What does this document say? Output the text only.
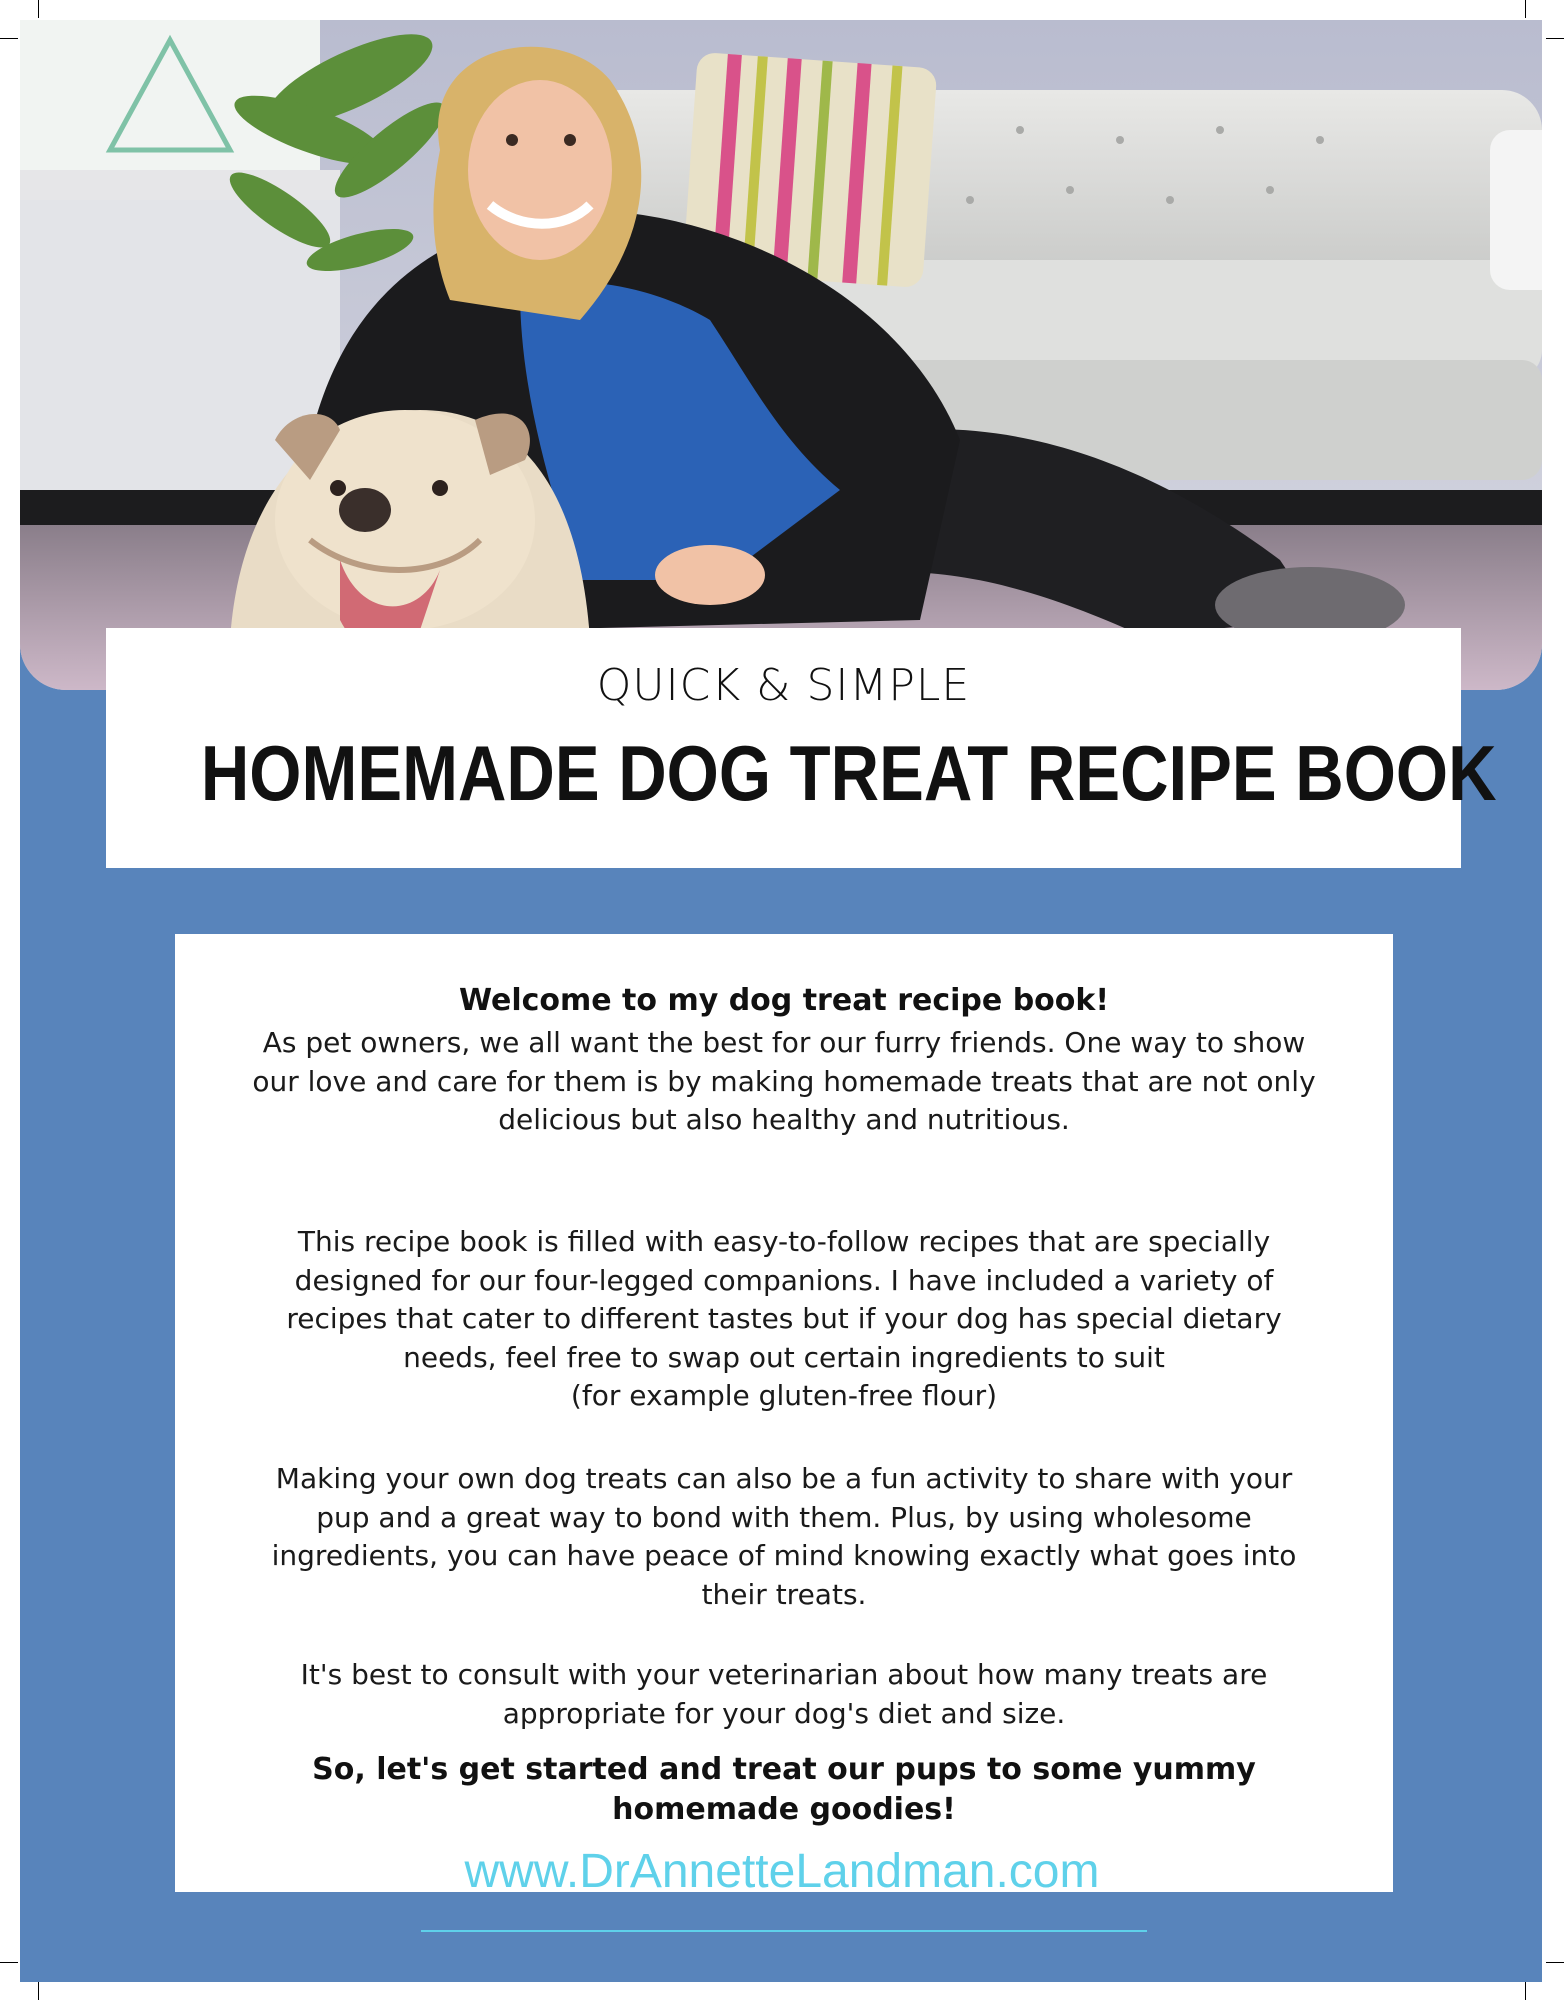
QUICK & SIMPLE
HOMEMADE DOG TREAT RECIPE BOOK
Welcome to my dog treat recipe book!
As pet owners, we all want the best for our furry friends. One way to show
our love and care for them is by making homemade treats that are not only
delicious but also healthy and nutritious.
This recipe book is filled with easy-to-follow recipes that are specially
designed for our four-legged companions. I have included a variety of
recipes that cater to different tastes but if your dog has special dietary
needs, feel free to swap out certain ingredients to suit
(for example gluten-free flour)
Making your own dog treats can also be a fun activity to share with your
pup and a great way to bond with them. Plus, by using wholesome
ingredients, you can have peace of mind knowing exactly what goes into
their treats.
It's best to consult with your veterinarian about how many treats are
appropriate for your dog's diet and size.
So, let's get started and treat our pups to some yummy
homemade goodies!
www.DrAnnetteLandman.com
